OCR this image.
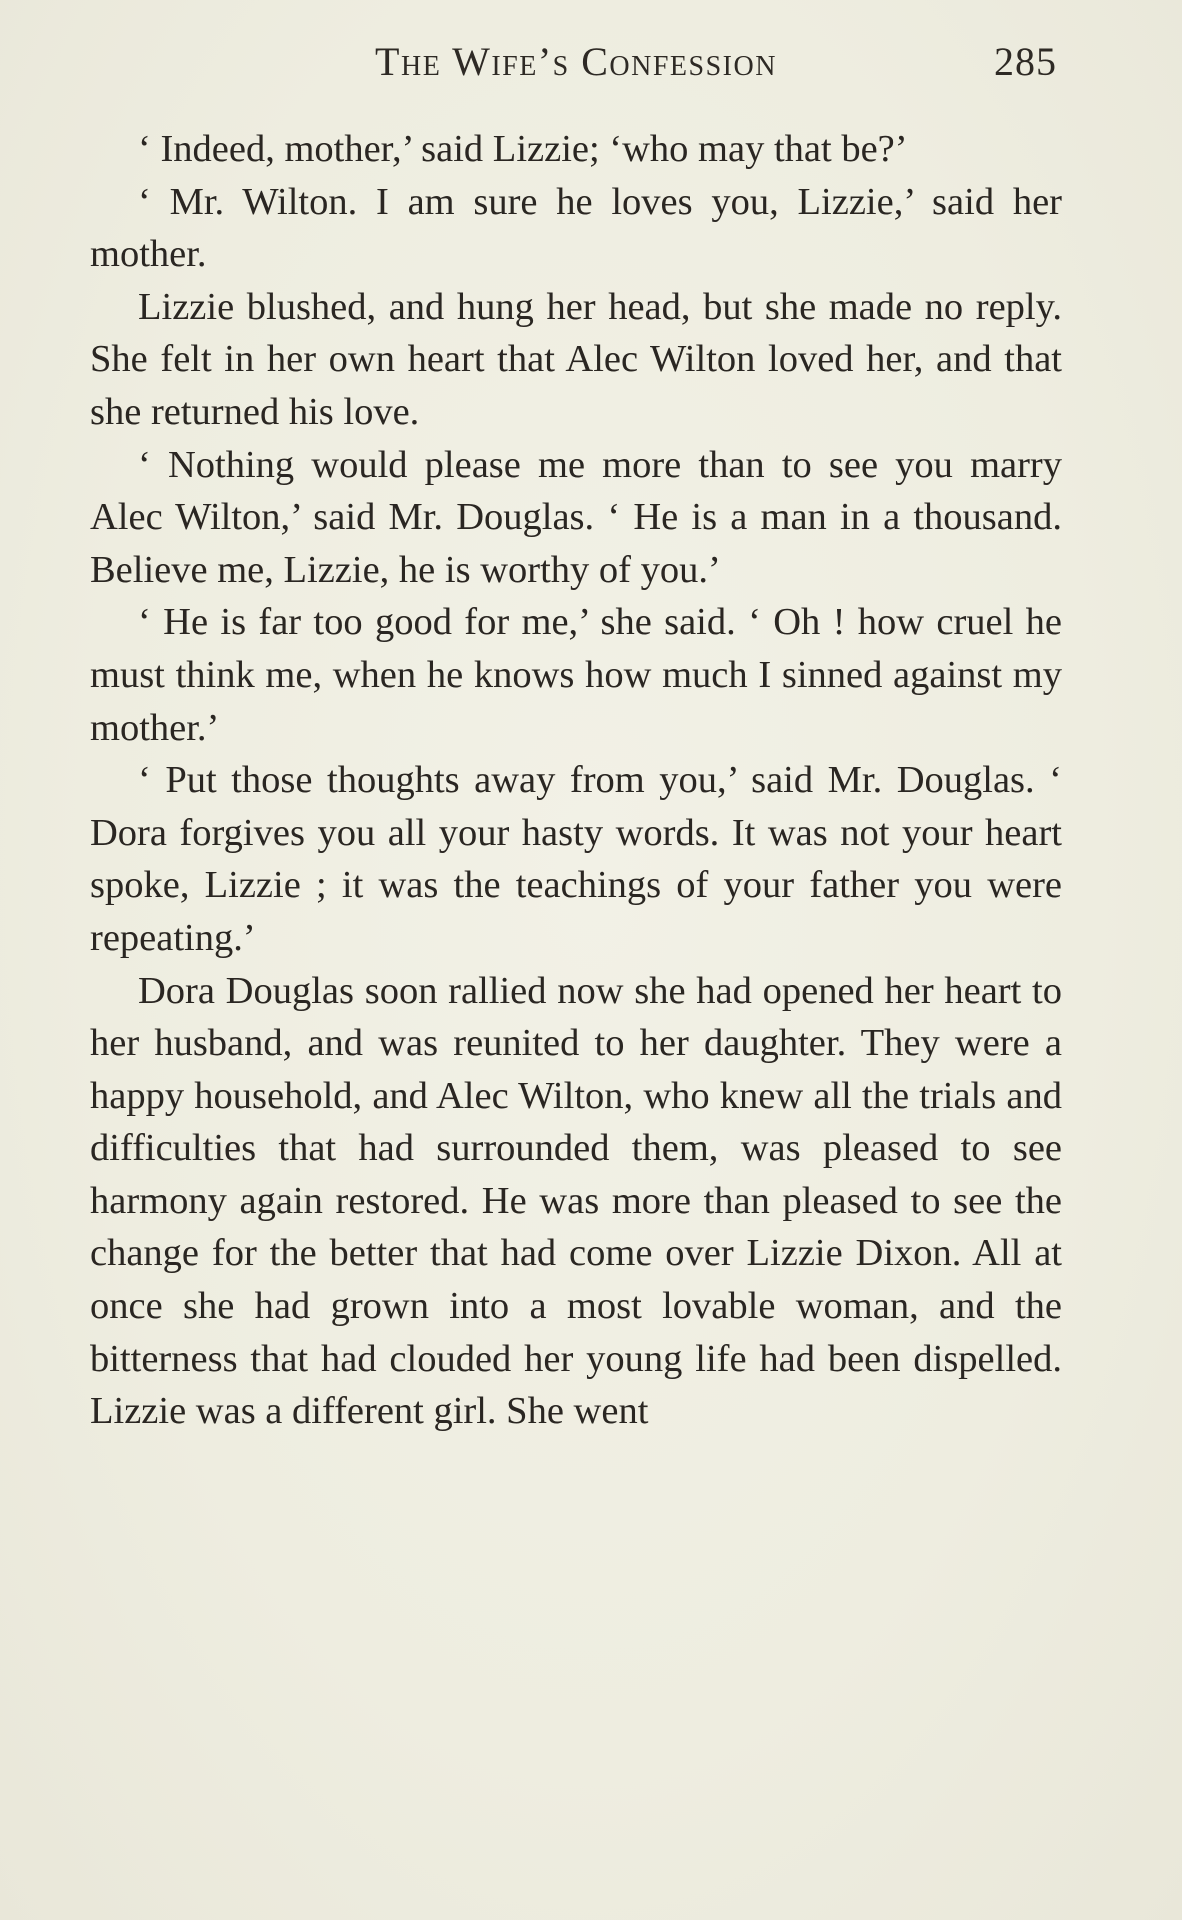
The Wife’s Confession	285

‘ Indeed, mother,’ said Lizzie; ‘who may that be?’

‘ Mr. Wilton. I am sure he loves you, Lizzie,’ said her mother.

Lizzie blushed, and hung her head, but she made no reply. She felt in her own heart that Alec Wilton loved her, and that she returned his love.

‘ Nothing would please me more than to see you marry Alec Wilton,’ said Mr. Douglas. ‘ He is a man in a thousand. Believe me, Lizzie, he is worthy of you.’

‘ He is far too good for me,’ she said. ‘ Oh ! how cruel he must think me, when he knows how much I sinned against my mother.’

‘ Put those thoughts away from you,’ said Mr. Douglas. ‘ Dora forgives you all your hasty words. It was not your heart spoke, Lizzie ; it was the teachings of your father you were repeating.’

Dora Douglas soon rallied now she had opened her heart to her husband, and was reunited to her daughter. They were a happy household, and Alec Wilton, who knew all the trials and difficulties that had surrounded them, was pleased to see harmony again restored. He was more than pleased to see the change for the better that had come over Lizzie Dixon. All at once she had grown into a most lovable woman, and the bitterness that had clouded her young life had been dispelled. Lizzie was a different girl. She went
